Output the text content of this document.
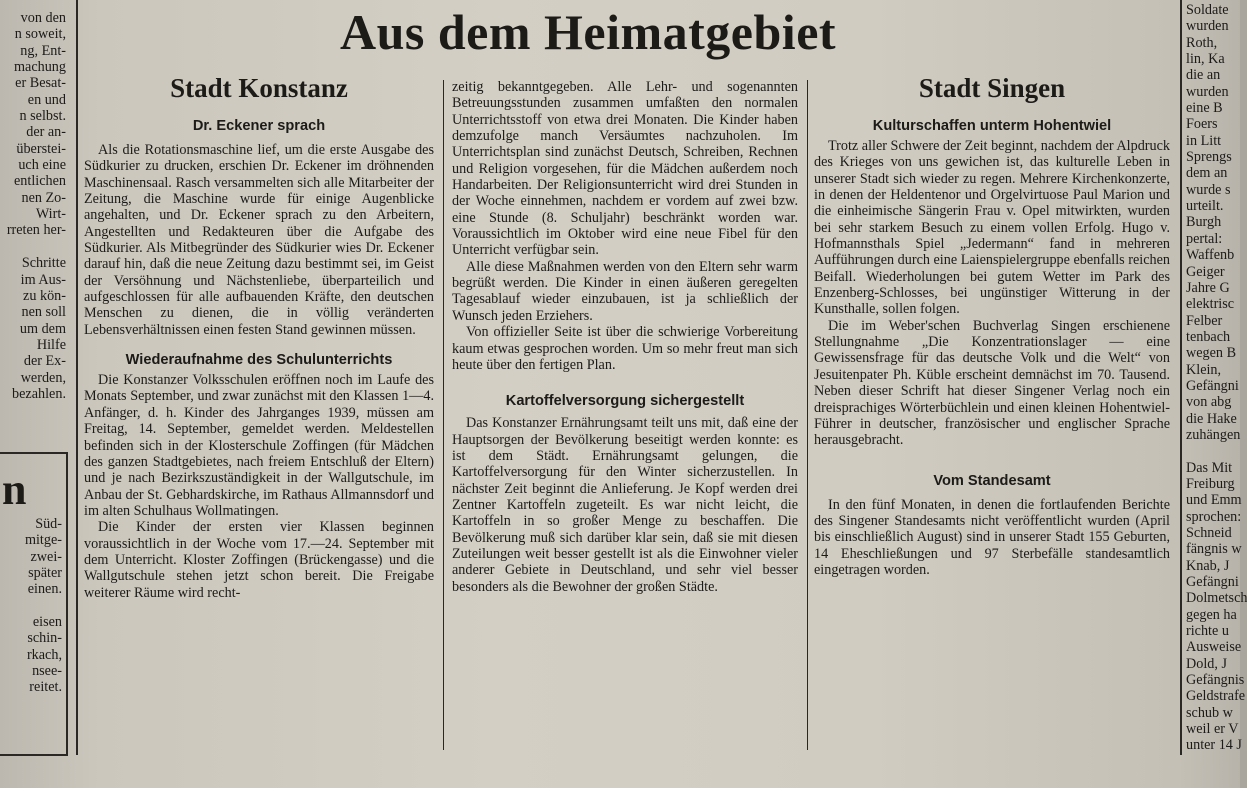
von den
n soweit,
ng, Ent-
machung
er Besat-
en und
n selbst.
der an-
überstei-
uch eine
entlichen
nen Zo-
Wirt-
rreten her-

Schritte
im Aus-
zu kön-
nen soll
um dem
Hilfe
der Ex-
werden,
bezahlen.
n
Süd-
mitge-
zwei-
später
einen.

eisen
schin-
rkach,
nsee-
reitet.
Aus dem Heimatgebiet
Stadt Konstanz
Dr. Eckener sprach

Als die Rotationsmaschine lief, um die erste Ausgabe des Südkurier zu drucken, erschien Dr. Eckener im dröhnenden Maschinensaal. Rasch versammelten sich alle Mitarbeiter der Zeitung, die Maschine wurde für einige Augenblicke angehalten, und Dr. Eckener sprach zu den Arbeitern, Angestellten und Redakteuren über die Aufgabe des Südkurier. Als Mitbegründer des Südkurier wies Dr. Eckener darauf hin, daß die neue Zeitung dazu bestimmt sei, im Geist der Versöhnung und Nächstenliebe, überparteilich und aufgeschlossen für alle aufbauenden Kräfte, den deutschen Menschen zu dienen, die in völlig veränderten Lebensverhältnissen einen festen Stand gewinnen müssen.

Wiederaufnahme des Schulunterrichts

Die Konstanzer Volksschulen eröffnen noch im Laufe des Monats September, und zwar zunächst mit den Klassen 1—4. Anfänger, d. h. Kinder des Jahrganges 1939, müssen am Freitag, 14. September, gemeldet werden. Meldestellen befinden sich in der Klosterschule Zoffingen (für Mädchen des ganzen Stadtgebietes, nach freiem Entschluß der Eltern) und je nach Bezirkszuständigkeit in der Wallgutschule, im Anbau der St. Gebhardskirche, im Rathaus Allmannsdorf und im alten Schulhaus Wollmatingen.

Die Kinder der ersten vier Klassen beginnen voraussichtlich in der Woche vom 17.—24. September mit dem Unterricht. Kloster Zoffingen (Brückengasse) und die Wallgutschule stehen jetzt schon bereit. Die Freigabe weiterer Räume wird recht-

zeitig bekanntgegeben. Alle Lehr- und sogenannten Betreuungsstunden zusammen umfaßten den normalen Unterrichtsstoff von etwa drei Monaten. Die Kinder haben demzufolge manch Versäumtes nachzuholen. Im Unterrichtsplan sind zunächst Deutsch, Schreiben, Rechnen und Religion vorgesehen, für die Mädchen außerdem noch Handarbeiten. Der Religionsunterricht wird drei Stunden in der Woche einnehmen, nachdem er vordem auf zwei bzw. eine Stunde (8. Schuljahr) beschränkt worden war. Voraussichtlich im Oktober wird eine neue Fibel für den Unterricht verfügbar sein.

Alle diese Maßnahmen werden von den Eltern sehr warm begrüßt werden. Die Kinder in einen äußeren geregelten Tagesablauf wieder einzubauen, ist ja schließlich der Wunsch jeden Erziehers.

Von offizieller Seite ist über die schwierige Vorbereitung kaum etwas gesprochen worden. Um so mehr freut man sich heute über den fertigen Plan.

Kartoffelversorgung sichergestellt

Das Konstanzer Ernährungsamt teilt uns mit, daß eine der Hauptsorgen der Bevölkerung beseitigt werden konnte: es ist dem Städt. Ernährungsamt gelungen, die Kartoffelversorgung für den Winter sicherzustellen. In nächster Zeit beginnt die Anlieferung. Je Kopf werden drei Zentner Kartoffeln zugeteilt. Es war nicht leicht, die Kartoffeln in so großer Menge zu beschaffen. Die Bevölkerung muß sich darüber klar sein, daß sie mit diesen Zuteilungen weit besser gestellt ist als die Einwohner vieler anderer Gebiete in Deutschland, und sehr viel besser besonders als die Bewohner der großen Städte.

Stadt Singen
Kulturschaffen unterm Hohentwiel

Trotz aller Schwere der Zeit beginnt, nachdem der Alpdruck des Krieges von uns gewichen ist, das kulturelle Leben in unserer Stadt sich wieder zu regen. Mehrere Kirchenkonzerte, in denen der Heldentenor und Orgelvirtuose Paul Marion und die einheimische Sängerin Frau v. Opel mitwirkten, wurden bei sehr starkem Besuch zu einem vollen Erfolg. Hugo v. Hofmannsthals Spiel „Jedermann“ fand in mehreren Aufführungen durch eine Laienspielergruppe ebenfalls reichen Beifall. Wiederholungen bei gutem Wetter im Park des Enzenberg-Schlosses, bei ungünstiger Witterung in der Kunsthalle, sollen folgen.

Die im Weber'schen Buchverlag Singen erschienene Stellungnahme „Die Konzentrationslager — eine Gewissensfrage für das deutsche Volk und die Welt“ von Jesuitenpater Ph. Küble erscheint demnächst im 70. Tausend. Neben dieser Schrift hat dieser Singener Verlag noch ein dreisprachiges Wörterbüchlein und einen kleinen Hohentwiel-Führer in deutscher, französischer und englischer Sprache herausgebracht.

Vom Standesamt

In den fünf Monaten, in denen die fortlaufenden Berichte des Singener Standesamts nicht veröffentlicht wurden (April bis einschließlich August) sind in unserer Stadt 155 Geburten, 14 Eheschließungen und 97 Sterbefälle standesamtlich eingetragen worden.

Soldate
wurden
Roth,
lin, Ka
die an
wurden
eine B
Foers
in Litt
Sprengs
dem an
wurde s
urteilt.
Burgh
pertal:
Waffenb
Geiger
Jahre G
elektrisc
Felber
tenbach
wegen B
Klein,
Gefängni
von abg
die Hake
zuhängen

Das Mit
Freiburg
und Emm
sprochen:
Schneid
fängnis w
Knab, J
Gefängni
Dolmetsch
gegen ha
richte u
Ausweise
Dold, J
Gefängnis
Geldstrafe
schub w
weil er V
unter 14 J
